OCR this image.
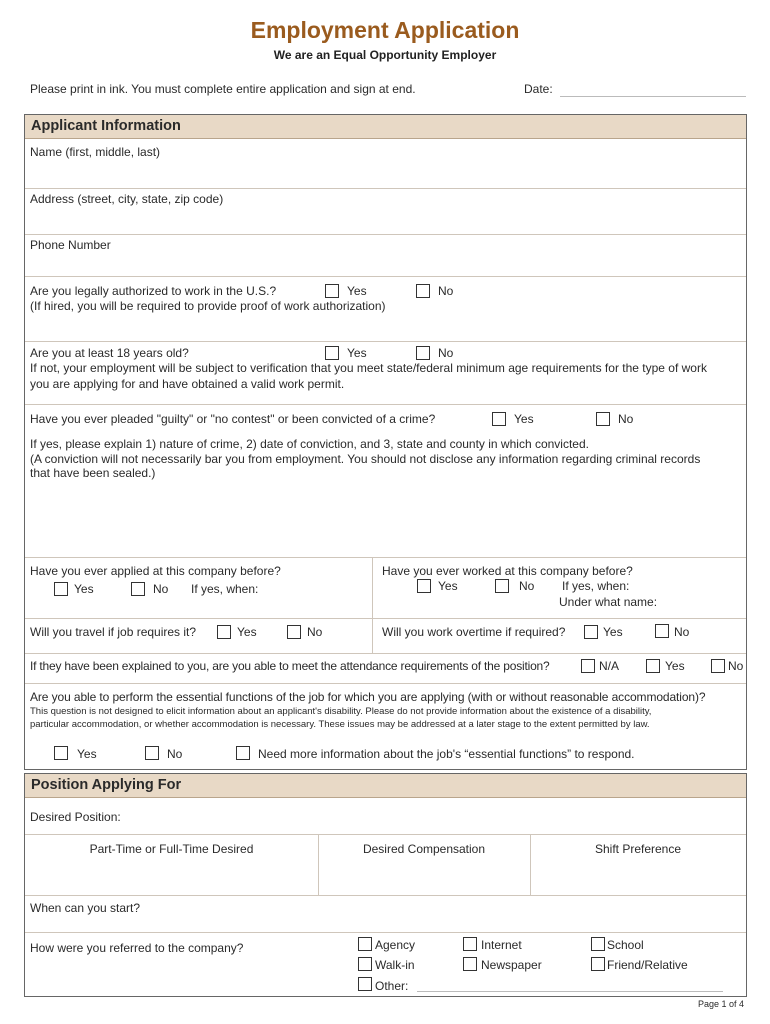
Employment Application
We are an Equal Opportunity Employer
Please print in ink. You must complete entire application and sign at end.	Date:
Applicant Information
Name (first, middle, last)
Address (street, city, state, zip code)
Phone Number
Are you legally authorized to work in the U.S.?	Yes	No
(If hired, you will be required to provide proof of work authorization)
Are you at least 18 years old?	Yes	No
If not, your employment will be subject to verification that you meet state/federal minimum age requirements for the type of work
you are applying for and have obtained a valid work permit.
Have you ever pleaded "guilty" or "no contest" or been convicted of a crime?	Yes	No
If yes, please explain 1) nature of crime, 2) date of conviction, and 3, state and county in which convicted.
(A conviction will not necessarily bar you from employment. You should not disclose any information regarding criminal records
that have been sealed.)
Have you ever applied at this company before?
Yes	No If yes, when:
Have you ever worked at this company before?
Yes	No If yes, when:
Under what name:
Will you travel if job requires it?	Yes	No	Will you work overtime if required?	Yes	No
If they have been explained to you, are you able to meet the attendance requirements of the position?	N/A	Yes	No
Are you able to perform the essential functions of the job for which you are applying (with or without reasonable accommodation)?
This question is not designed to elicit information about an applicant's disability. Please do not provide information about the existence of a disability,
particular accommodation, or whether accommodation is necessary. These issues may be addressed at a later stage to the extent permitted by law.
Yes	No	Need more information about the job's “essential functions” to respond.
Position Applying For
Desired Position:
Part-Time or Full-Time Desired	Desired Compensation	Shift Preference
When can you start?
How were you referred to the company?	Agency	Internet	School
Walk-in	Newspaper	Friend/Relative
Other:
Page 1 of 4
